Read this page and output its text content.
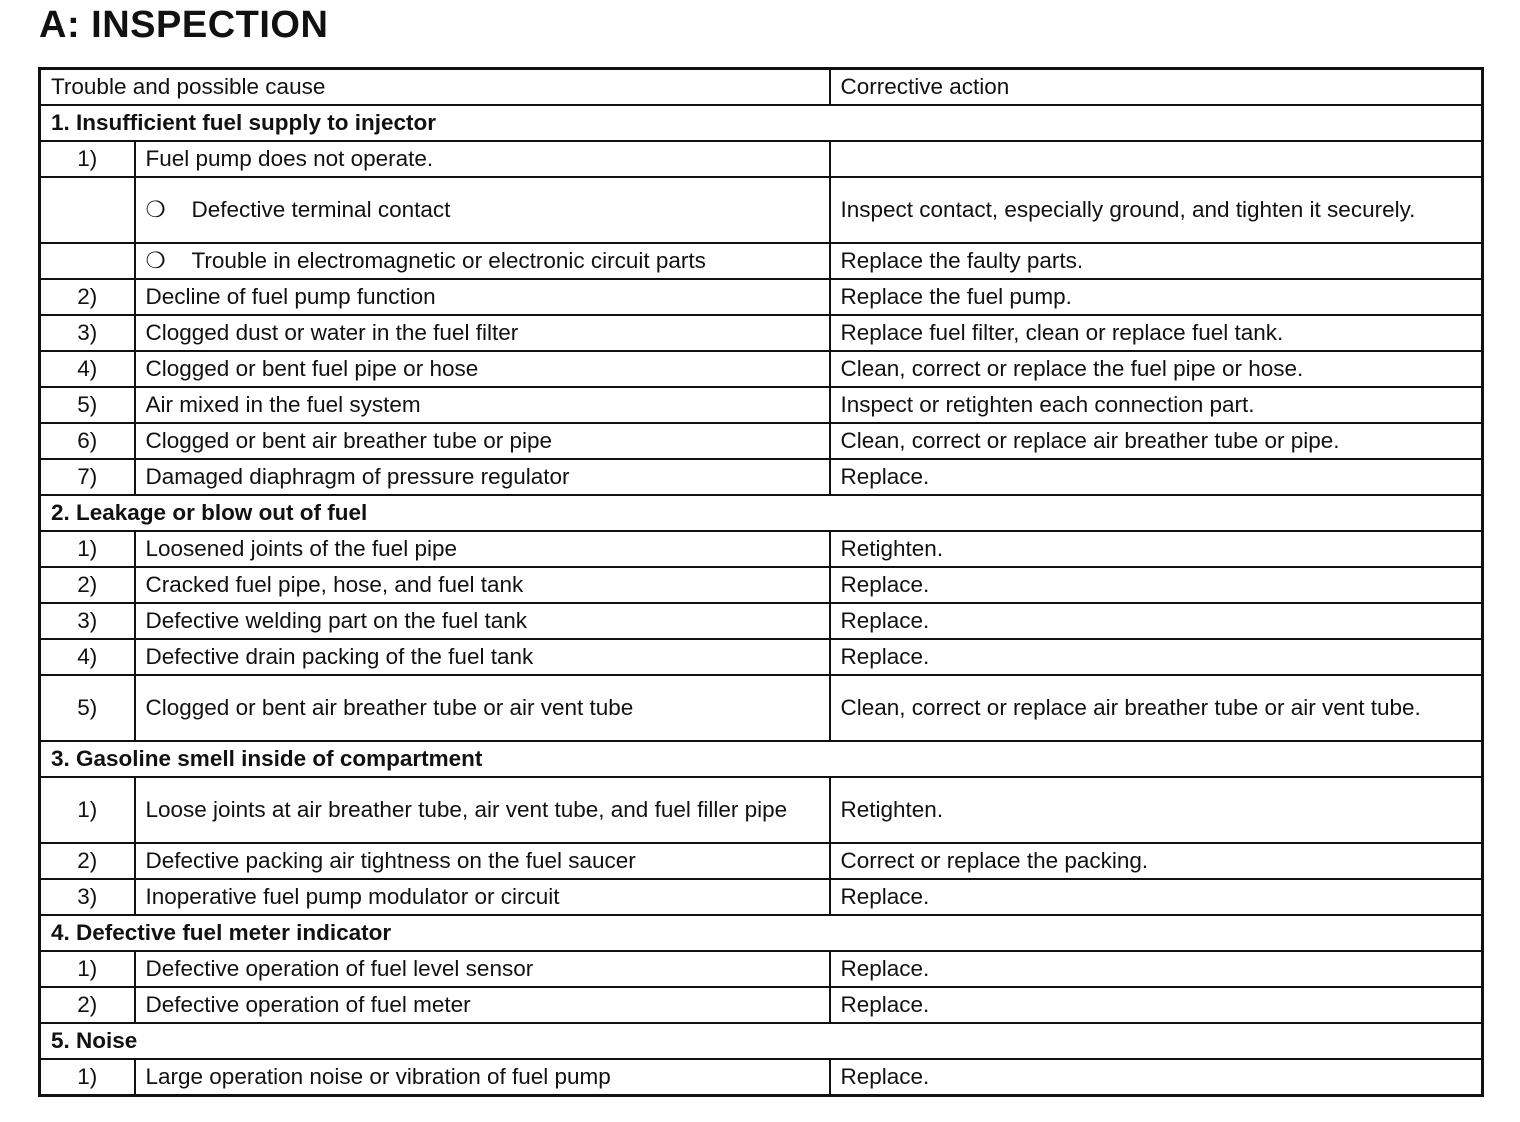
A: INSPECTION
Trouble and possible cause		Corrective action
1. Insufficient fuel supply to injector		
1)	Fuel pump does not operate.	
	❍ Defective terminal contact	Inspect contact, especially ground, and tighten it securely.
	❍ Trouble in electromagnetic or electronic circuit parts	Replace the faulty parts.
2)	Decline of fuel pump function	Replace the fuel pump.
3)	Clogged dust or water in the fuel filter	Replace fuel filter, clean or replace fuel tank.
4)	Clogged or bent fuel pipe or hose	Clean, correct or replace the fuel pipe or hose.
5)	Air mixed in the fuel system	Inspect or retighten each connection part.
6)	Clogged or bent air breather tube or pipe	Clean, correct or replace air breather tube or pipe.
7)	Damaged diaphragm of pressure regulator	Replace.
2. Leakage or blow out of fuel		
1)	Loosened joints of the fuel pipe	Retighten.
2)	Cracked fuel pipe, hose, and fuel tank	Replace.
3)	Defective welding part on the fuel tank	Replace.
4)	Defective drain packing of the fuel tank	Replace.
5)	Clogged or bent air breather tube or air vent tube	Clean, correct or replace air breather tube or air vent tube.
3. Gasoline smell inside of compartment		
1)	Loose joints at air breather tube, air vent tube, and fuel filler pipe	Retighten.
2)	Defective packing air tightness on the fuel saucer	Correct or replace the packing.
3)	Inoperative fuel pump modulator or circuit	Replace.
4. Defective fuel meter indicator		
1)	Defective operation of fuel level sensor	Replace.
2)	Defective operation of fuel meter	Replace.
5. Noise		
1)	Large operation noise or vibration of fuel pump	Replace.
